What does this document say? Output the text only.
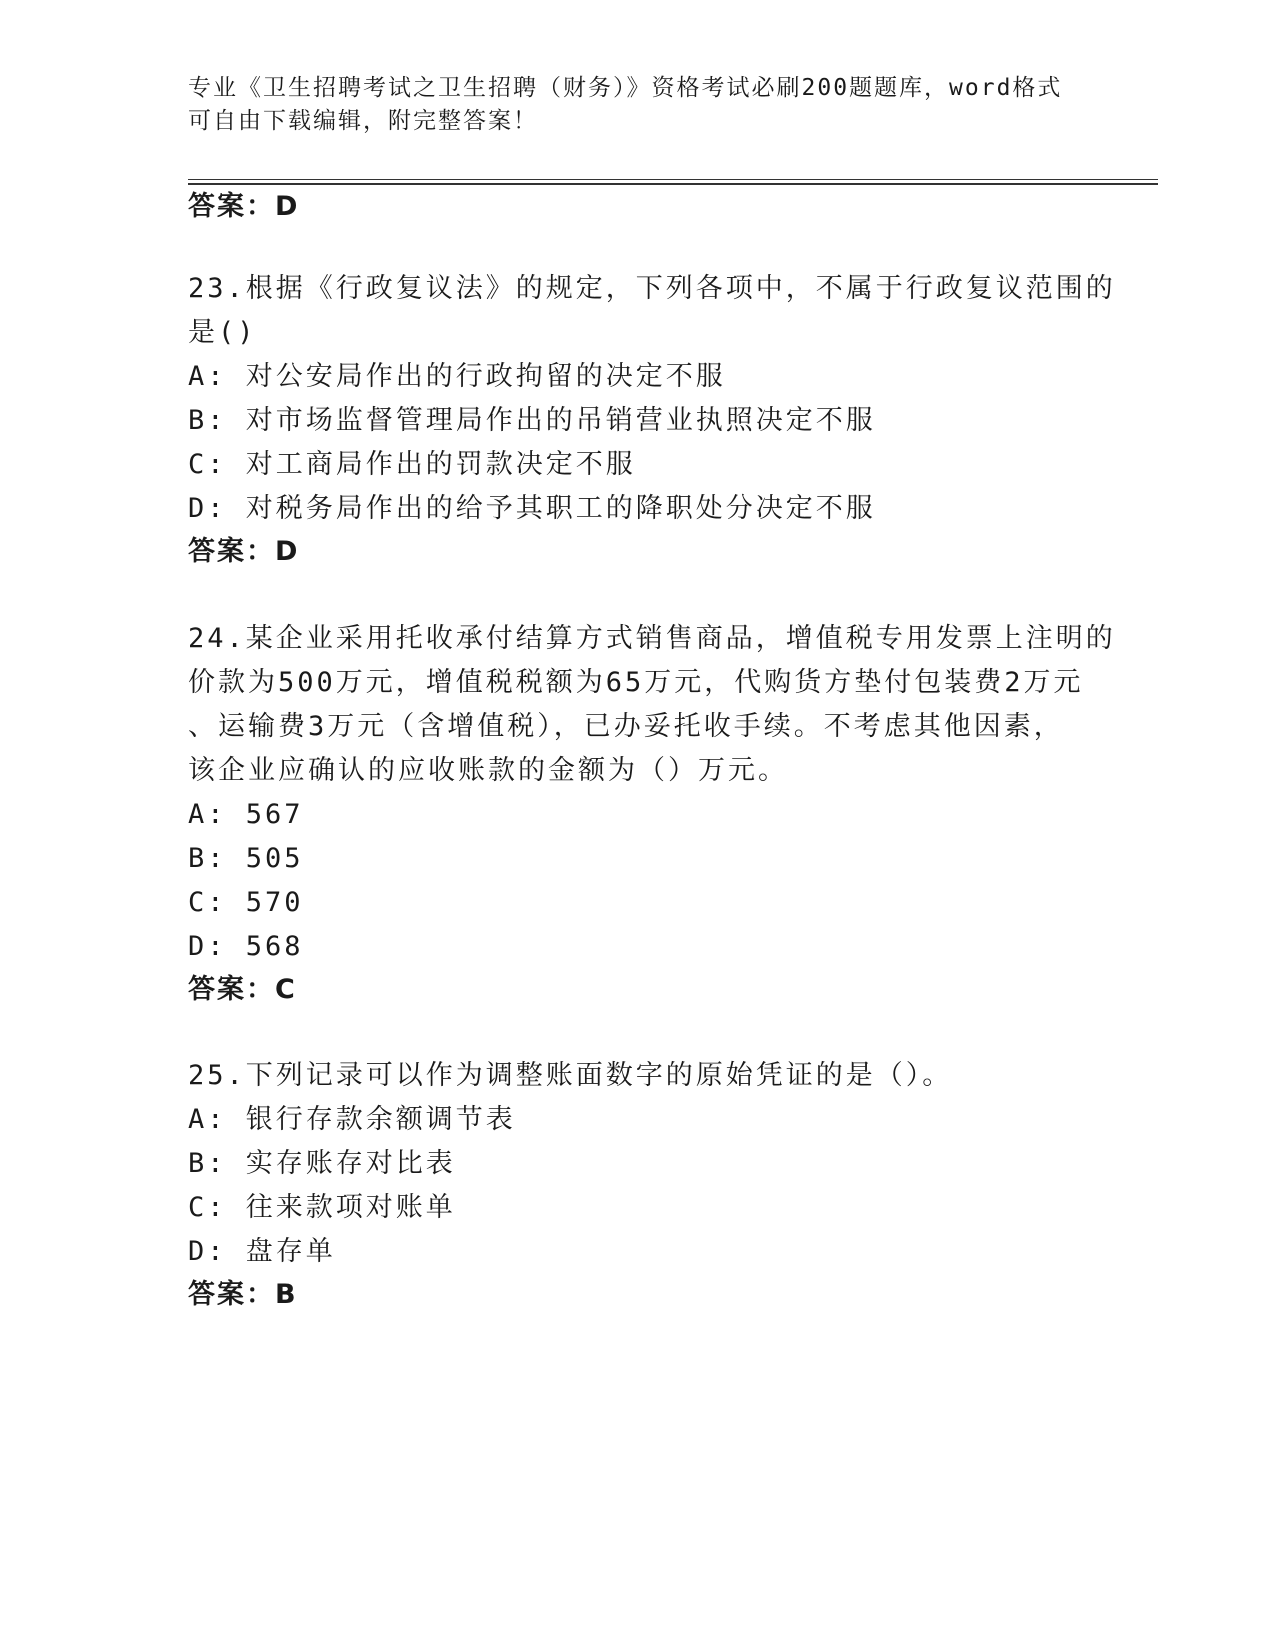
专业《卫生招聘考试之卫生招聘（财务）》资格考试必刷200题题库，word格式
可自由下载编辑，附完整答案！
答案：D
23.根据《行政复议法》的规定，下列各项中，不属于行政复议范围的
是()
A: 对公安局作出的行政拘留的决定不服
B: 对市场监督管理局作出的吊销营业执照决定不服
C: 对工商局作出的罚款决定不服
D: 对税务局作出的给予其职工的降职处分决定不服
答案：D
24.某企业采用托收承付结算方式销售商品，增值税专用发票上注明的
价款为500万元，增值税税额为65万元，代购货方垫付包装费2万元
、运输费3万元（含增值税），已办妥托收手续。不考虑其他因素，
该企业应确认的应收账款的金额为（）万元。
A: 567
B: 505
C: 570
D: 568
答案：C
25.下列记录可以作为调整账面数字的原始凭证的是（）。
A: 银行存款余额调节表
B: 实存账存对比表
C: 往来款项对账单
D: 盘存单
答案：B
